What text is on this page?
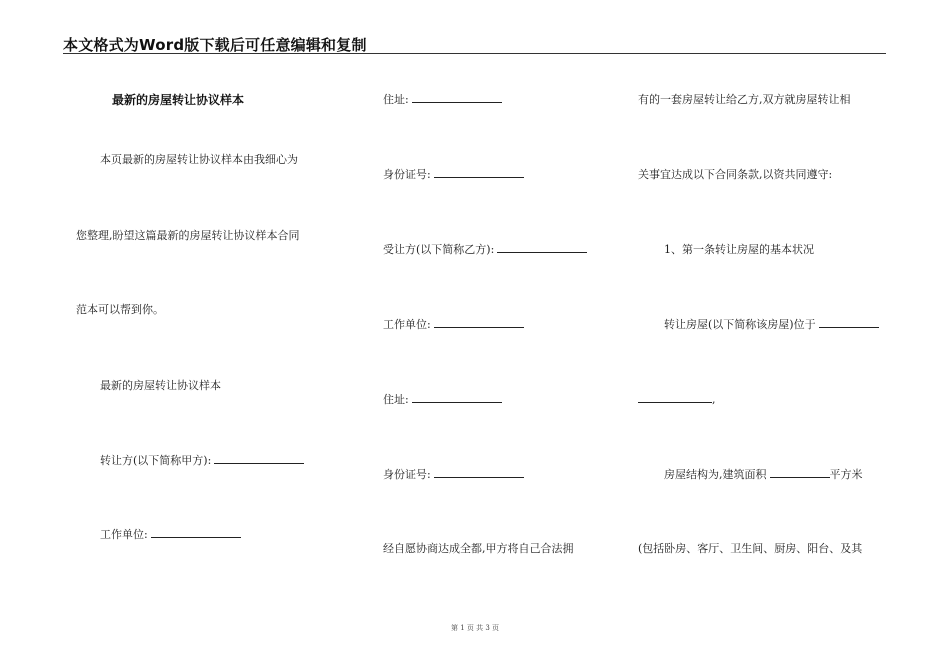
本文格式为Word版下载后可任意编辑和复制
最新的房屋转让协议样本
本页最新的房屋转让协议样本由我细心为
您整理,盼望这篇最新的房屋转让协议样本合同
范本可以帮到你。
最新的房屋转让协议样本
转让方(以下简称甲方):
工作单位:
住址:
身份证号:
受让方(以下简称乙方):
工作单位:
住址:
身份证号:
经自愿协商达成全都,甲方将自己合法拥
有的一套房屋转让给乙方,双方就房屋转让相
关事宜达成以下合同条款,以资共同遵守:
1、第一条转让房屋的基本状况
转让房屋(以下简称该房屋)位于
,
房屋结构为,建筑面积	平方米
(包括卧房、客厅、卫生间、厨房、阳台、及其
第 1 页 共 3 页
